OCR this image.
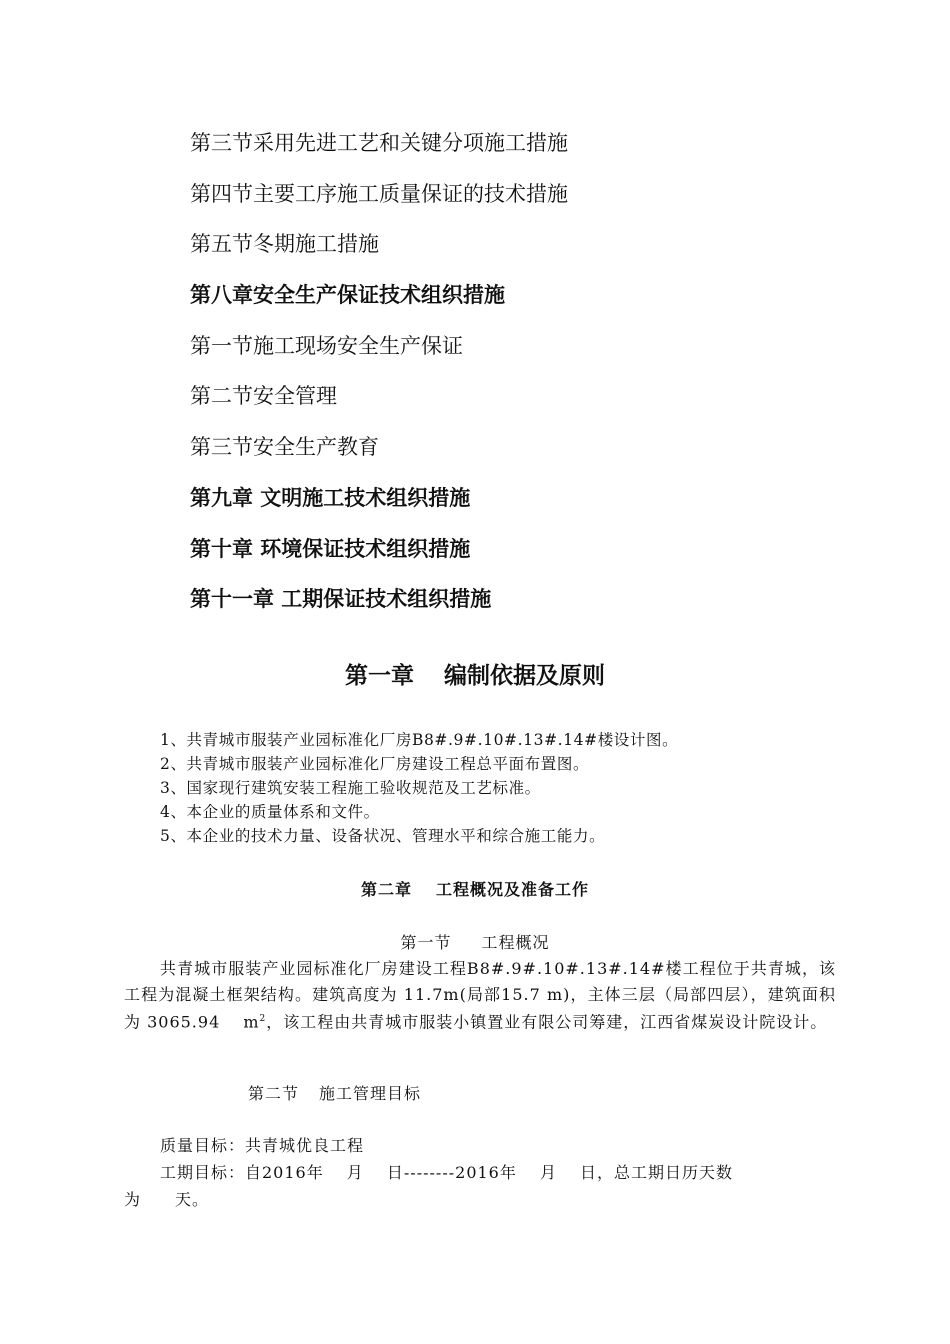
第三节采用先进工艺和关键分项施工措施
第四节主要工序施工质量保证的技术措施
第五节冬期施工措施
第八章安全生产保证技术组织措施
第一节施工现场安全生产保证
第二节安全管理
第三节安全生产教育
第九章 文明施工技术组织措施
第十章 环境保证技术组织措施
第十一章 工期保证技术组织措施
第一章 编制依据及原则
1、共青城市服装产业园标准化厂房B8#.9#.10#.13#.14#楼设计图。
2、共青城市服装产业园标准化厂房建设工程总平面布置图。
3、国家现行建筑安装工程施工验收规范及工艺标准。
4、本企业的质量体系和文件。
5、本企业的技术力量、设备状况、管理水平和综合施工能力。
第二章 工程概况及准备工作
第一节 工程概况
共青城市服装产业园标准化厂房建设工程B8#.9#.10#.13#.14#楼工程位于共青城，该工程为混凝土框架结构。建筑高度为 11.7m(局部15.7 m)，主体三层（局部四层），建筑面积为 3065.94　 $m^2$，该工程由共青城市服装小镇置业有限公司筹建，江西省煤炭设计院设计。
第二节 施工管理目标
质量目标：共青城优良工程
工期目标：自2016年　 月　 日--------2016年　 月　 日，总工期日历天数
为　　天。
